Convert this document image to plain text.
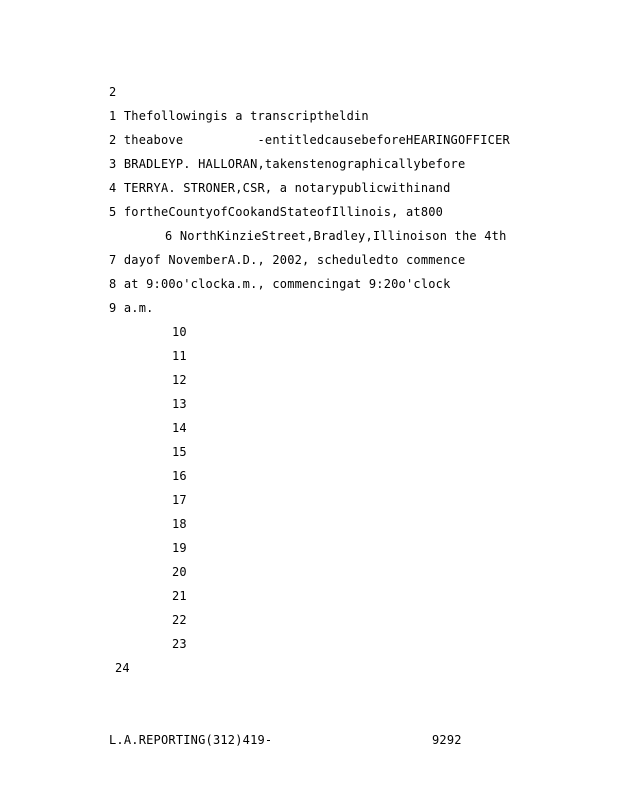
2
1 Thefollowingis a transcriptheldin
2 theabove          -entitledcausebeforeHEARINGOFFICER
3 BRADLEYP. HALLORAN,takenstenographicallybefore
4 TERRYA. STRONER,CSR, a notarypublicwithinand
5 fortheCountyofCookandStateofIllinois, at800
6 NorthKinzieStreet,Bradley,Illinoison the 4th
7 dayof NovemberA.D., 2002, scheduledto commence
8 at 9:00o'clocka.m., commencingat 9:20o'clock
9 a.m.
10
11
12
13
14
15
16
17
18
19
20
21
22
23
24
L.A.REPORTING(312)419-	9292
